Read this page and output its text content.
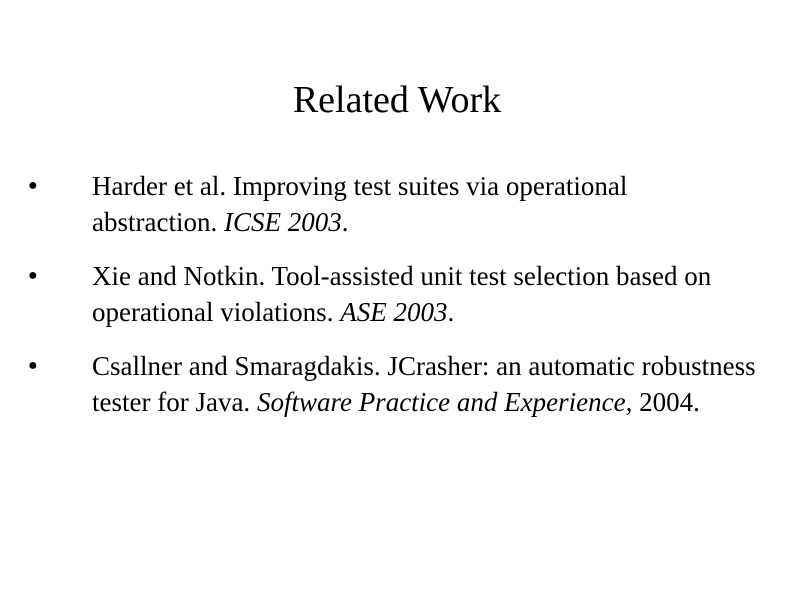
Related Work
● Harder et al. Improving test suites via operational abstraction. ICSE 2003.
● Xie and Notkin. Tool-assisted unit test selection based on operational violations. ASE 2003.
● Csallner and Smaragdakis. JCrasher: an automatic robustness tester for Java. Software Practice and Experience, 2004.
